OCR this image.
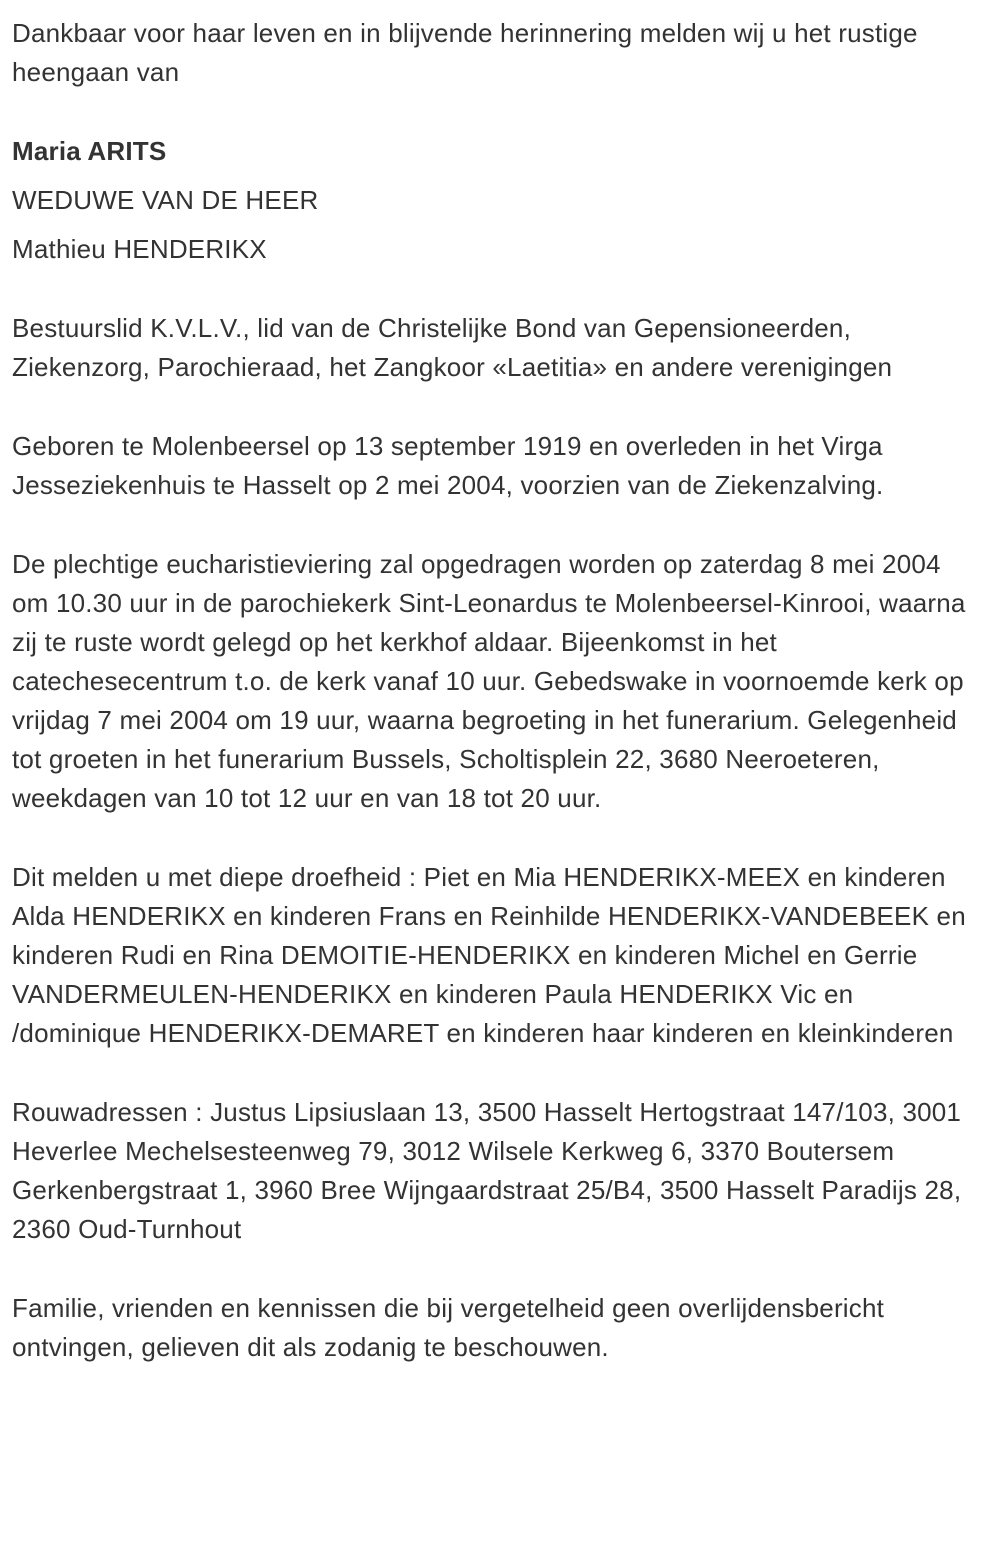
Dankbaar voor haar leven en in blijvende herinnering melden wij u het rustige heengaan van

Maria ARITS

WEDUWE VAN DE HEER

Mathieu HENDERIKX

Bestuurslid K.V.L.V., lid van de Christelijke Bond van Gepensioneerden, Ziekenzorg, Parochieraad, het Zangkoor «Laetitia» en andere verenigingen

Geboren te Molenbeersel op 13 september 1919 en overleden in het Virga Jesseziekenhuis te Hasselt op 2 mei 2004, voorzien van de Ziekenzalving.

De plechtige eucharistieviering zal opgedragen worden op zaterdag 8 mei 2004 om 10.30 uur in de parochiekerk Sint-Leonardus te Molenbeersel-Kinrooi, waarna zij te ruste wordt gelegd op het kerkhof aldaar. Bijeenkomst in het catechesecentrum t.o. de kerk vanaf 10 uur. Gebedswake in voornoemde kerk op vrijdag 7 mei 2004 om 19 uur, waarna begroeting in het funerarium. Gelegenheid tot groeten in het funerarium Bussels, Scholtisplein 22, 3680 Neeroeteren, weekdagen van 10 tot 12 uur en van 18 tot 20 uur.

Dit melden u met diepe droefheid : Piet en Mia HENDERIKX-MEEX en kinderen Alda HENDERIKX en kinderen Frans en Reinhilde HENDERIKX-VANDEBEEK en kinderen Rudi en Rina DEMOITIE-HENDERIKX en kinderen Michel en Gerrie VANDERMEULEN-HENDERIKX en kinderen Paula HENDERIKX Vic en /dominique HENDERIKX-DEMARET en kinderen haar kinderen en kleinkinderen

Rouwadressen : Justus Lipsiuslaan 13, 3500 Hasselt Hertogstraat 147/103, 3001 Heverlee Mechelsesteenweg 79, 3012 Wilsele Kerkweg 6, 3370 Boutersem Gerkenbergstraat 1, 3960 Bree Wijngaardstraat 25/B4, 3500 Hasselt Paradijs 28, 2360 Oud-Turnhout

Familie, vrienden en kennissen die bij vergetelheid geen overlijdensbericht ontvingen, gelieven dit als zodanig te beschouwen.
